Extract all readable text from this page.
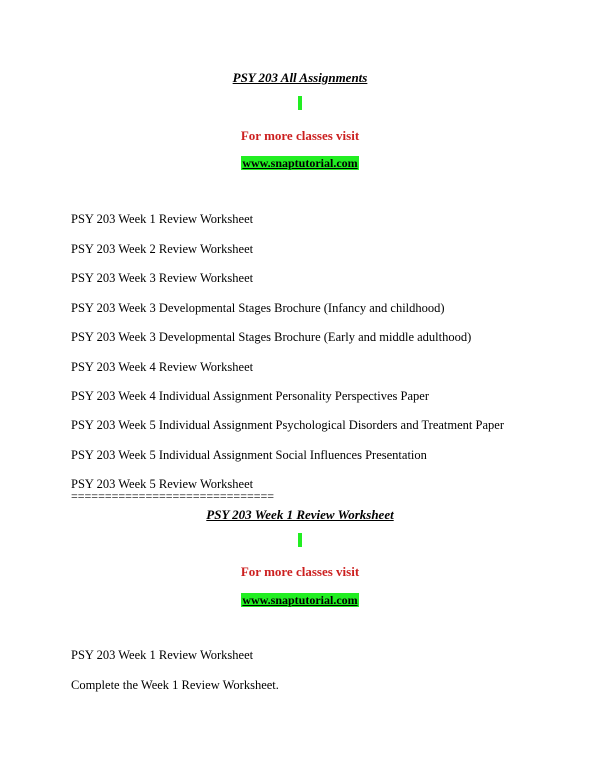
PSY 203 All Assignments
For more classes visit
www.snaptutorial.com
PSY 203 Week 1 Review Worksheet
PSY 203 Week 2 Review Worksheet
PSY 203 Week 3 Review Worksheet
PSY 203 Week 3 Developmental Stages Brochure (Infancy and childhood)
PSY 203 Week 3 Developmental Stages Brochure (Early and middle adulthood)
PSY 203 Week 4 Review Worksheet
PSY 203 Week 4 Individual Assignment Personality Perspectives Paper
PSY 203 Week 5 Individual Assignment Psychological Disorders and Treatment Paper
PSY 203 Week 5 Individual Assignment Social Influences Presentation
PSY 203 Week 5 Review Worksheet
==============================
PSY 203 Week 1 Review Worksheet
For more classes visit
www.snaptutorial.com
PSY 203 Week 1 Review Worksheet
Complete the Week 1 Review Worksheet.
